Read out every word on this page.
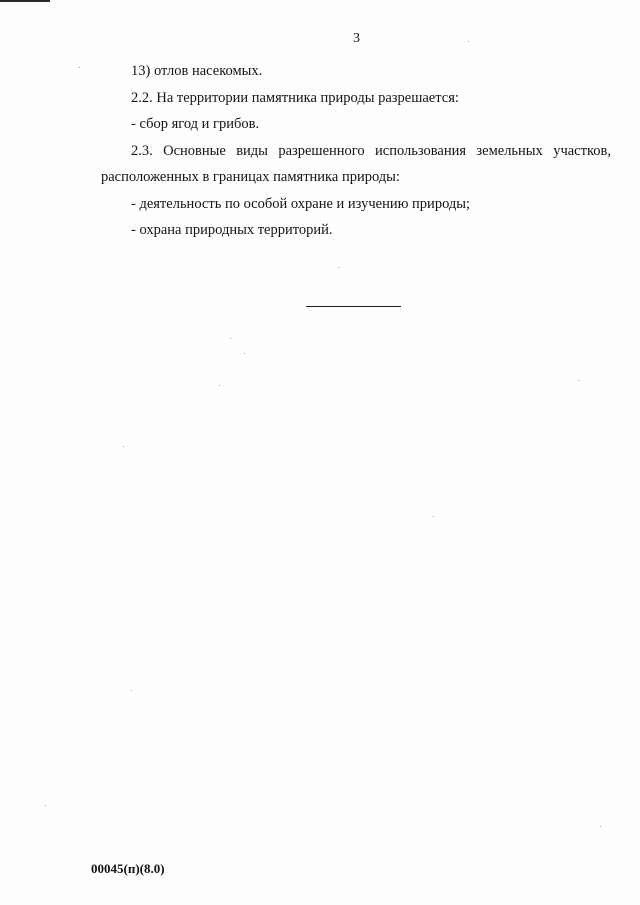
3
13) отлов насекомых.
2.2. На территории памятника природы разрешается:
- сбор ягод и грибов.
2.3. Основные виды разрешенного использования земельных участков,
расположенных в границах памятника природы:
- деятельность по особой охране и изучению природы;
- охрана природных территорий.
00045(п)(8.0)
